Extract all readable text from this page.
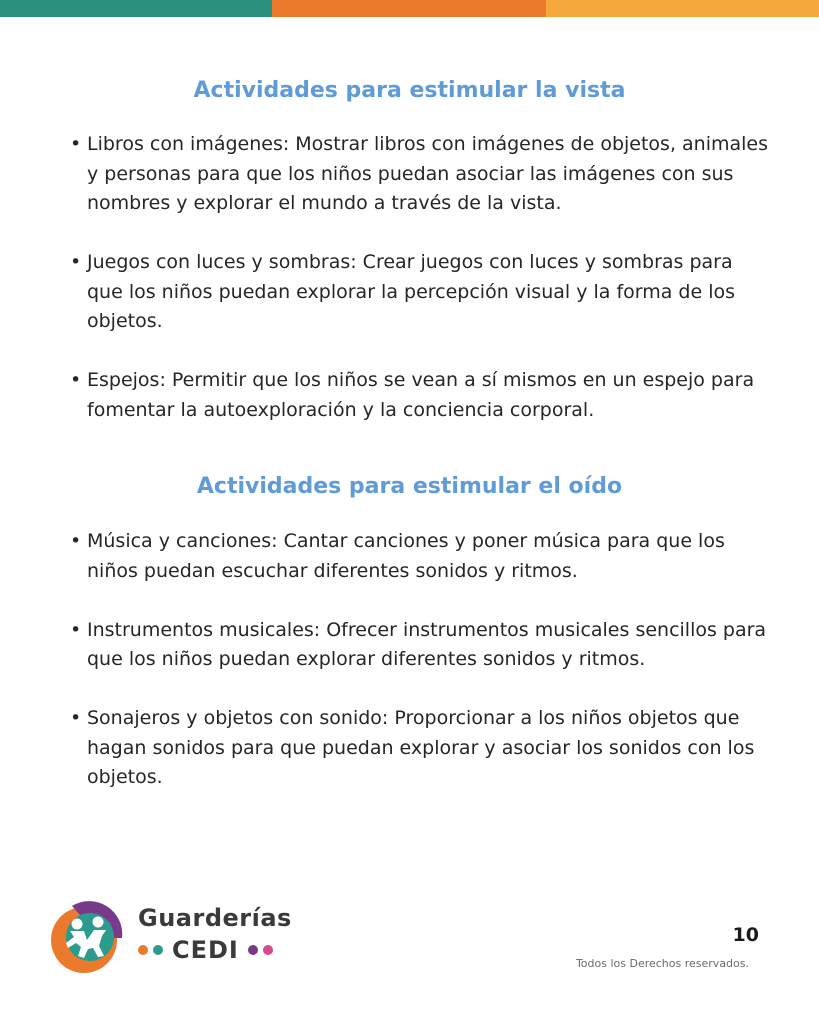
Actividades para estimular la vista
• Libros con imágenes: Mostrar libros con imágenes de objetos, animales y personas para que los niños puedan asociar las imágenes con sus nombres y explorar el mundo a través de la vista.
• Juegos con luces y sombras: Crear juegos con luces y sombras para que los niños puedan explorar la percepción visual y la forma de los objetos.
• Espejos: Permitir que los niños se vean a sí mismos en un espejo para fomentar la autoexploración y la conciencia corporal.
Actividades para estimular el oído
• Música y canciones: Cantar canciones y poner música para que los niños puedan escuchar diferentes sonidos y ritmos.
• Instrumentos musicales: Ofrecer instrumentos musicales sencillos para que los niños puedan explorar diferentes sonidos y ritmos.
• Sonajeros y objetos con sonido: Proporcionar a los niños objetos que hagan sonidos para que puedan explorar y asociar los sonidos con los objetos.
Guarderías
CEDI
10
Todos los Derechos reservados.
